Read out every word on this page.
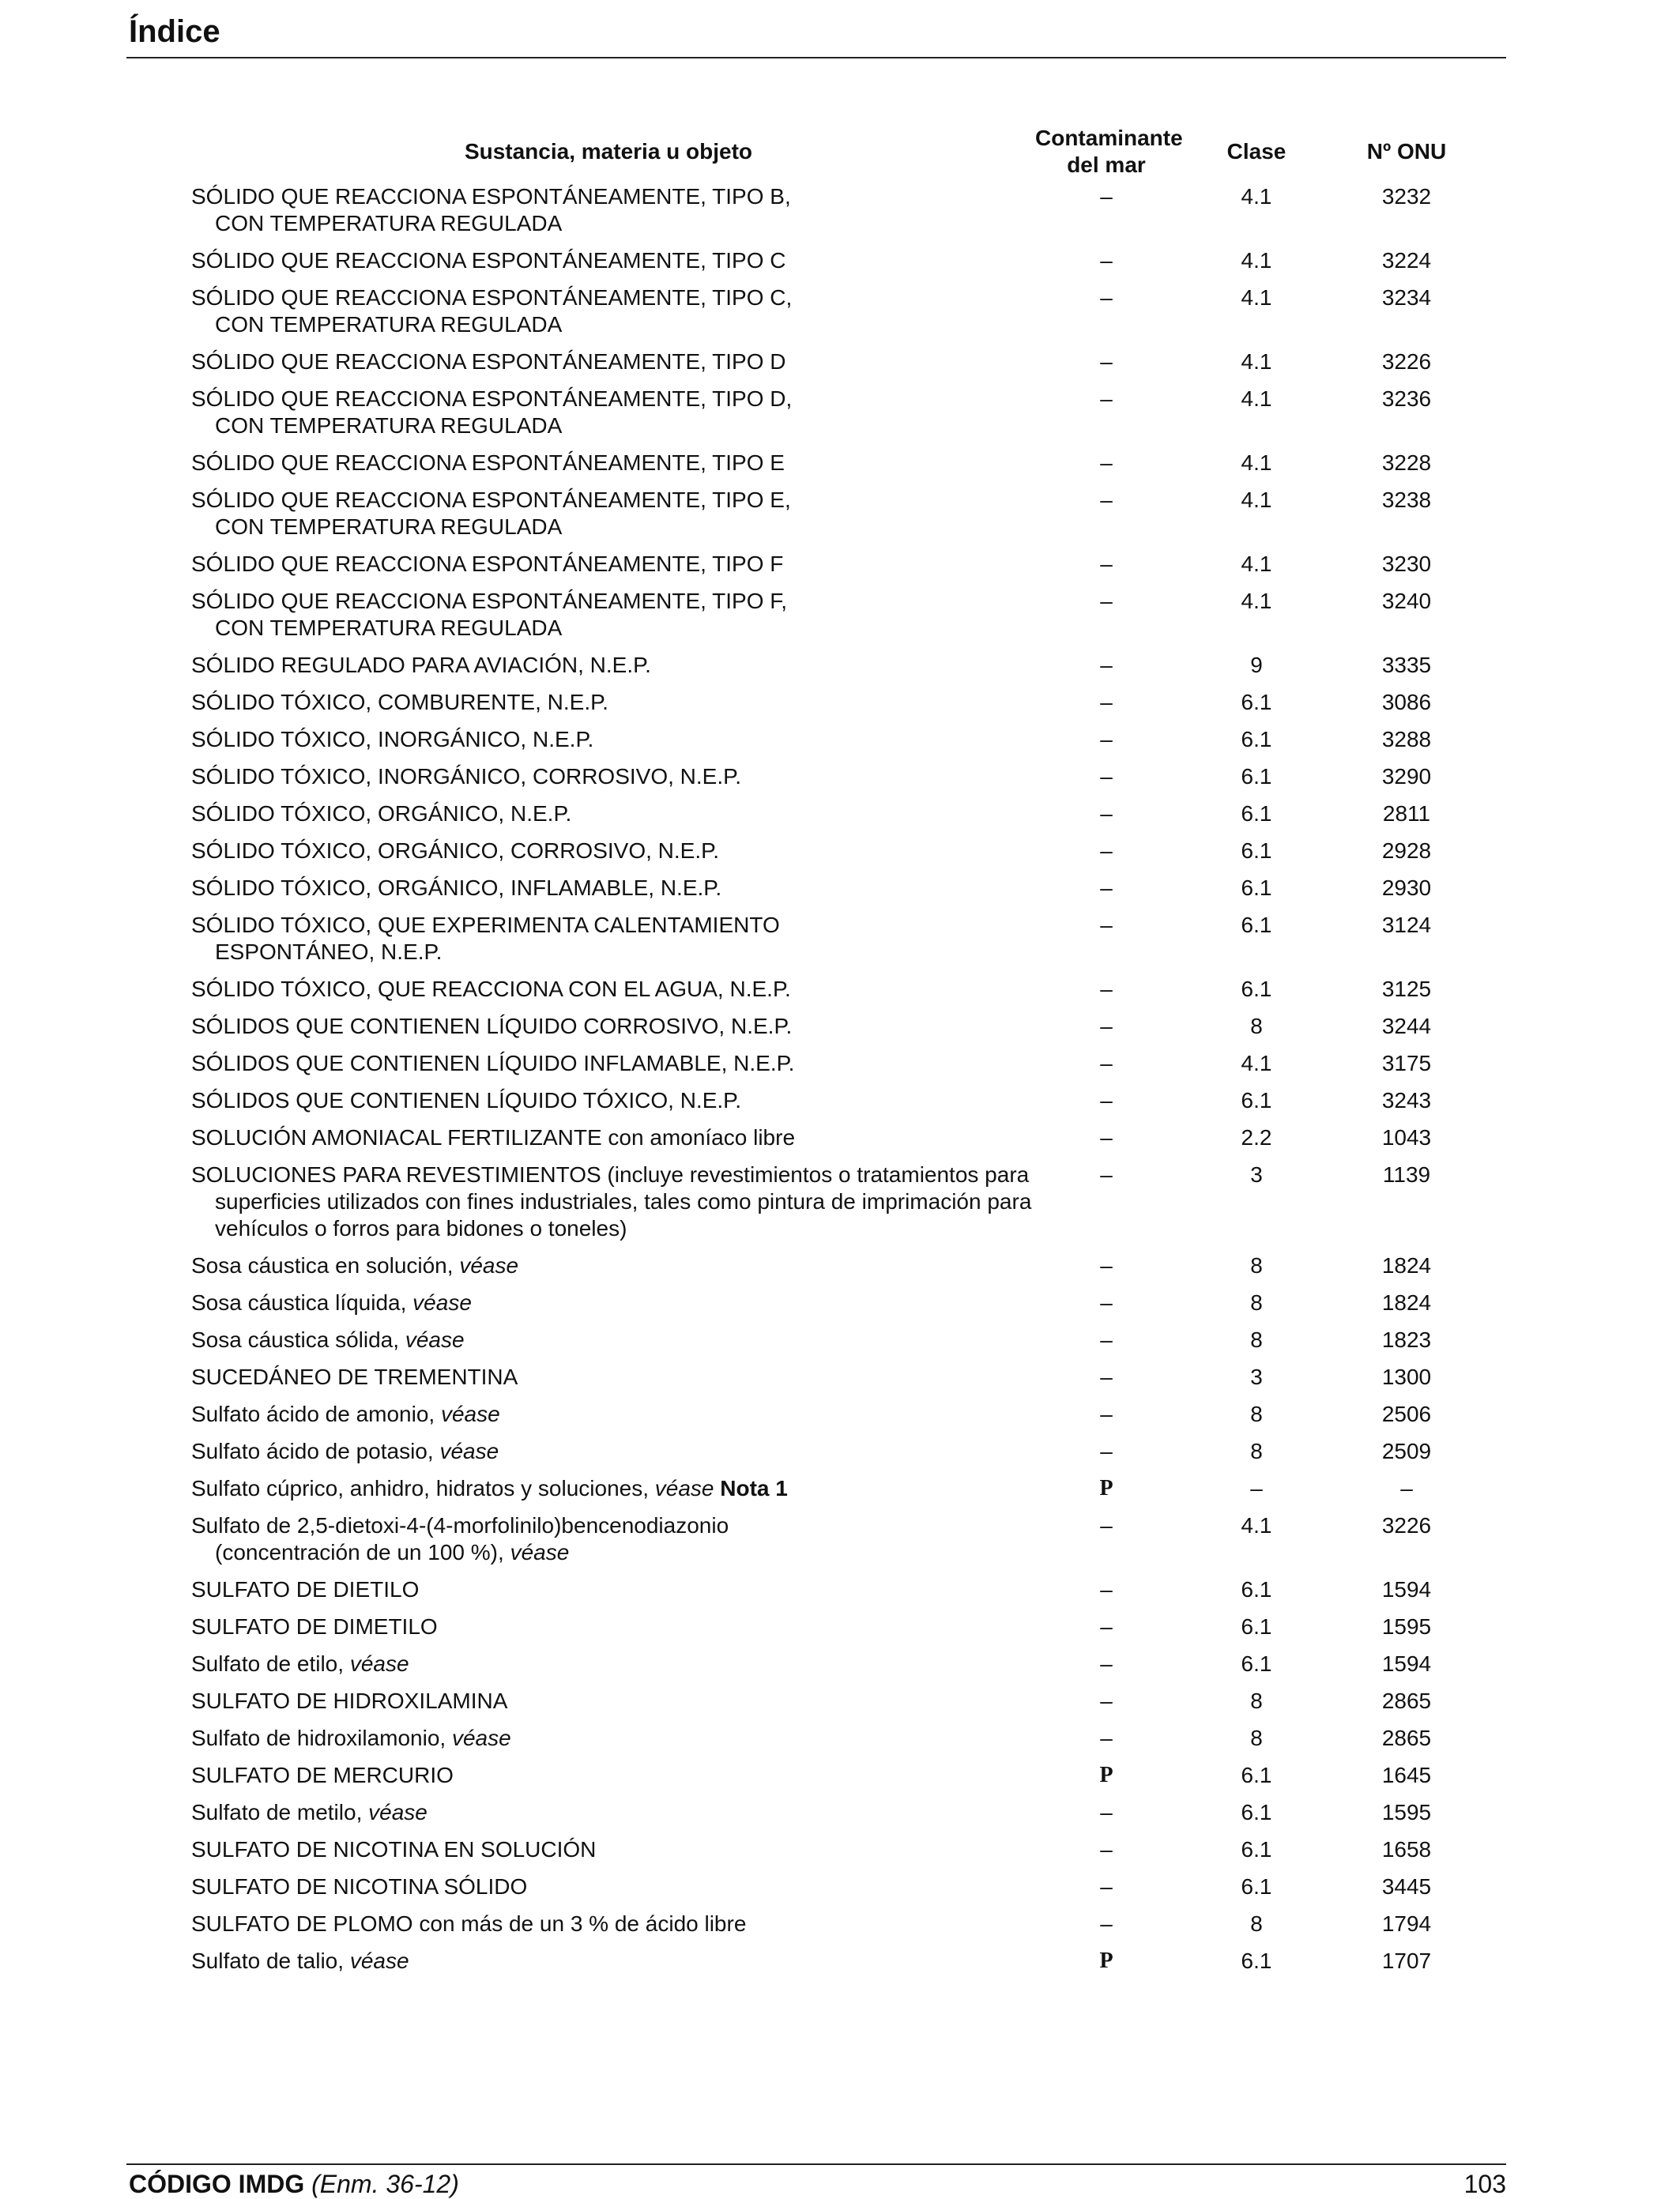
Índice
Sustancia, materia u objeto	Contaminante del mar	Clase	Nº ONU

SÓLIDO QUE REACCIONA ESPONTÁNEAMENTE, TIPO B,
CON TEMPERATURA REGULADA	–	4.1	3232

SÓLIDO QUE REACCIONA ESPONTÁNEAMENTE, TIPO C	–	4.1	3224

SÓLIDO QUE REACCIONA ESPONTÁNEAMENTE, TIPO C,
CON TEMPERATURA REGULADA	–	4.1	3234

SÓLIDO QUE REACCIONA ESPONTÁNEAMENTE, TIPO D	–	4.1	3226

SÓLIDO QUE REACCIONA ESPONTÁNEAMENTE, TIPO D,
CON TEMPERATURA REGULADA	–	4.1	3236

SÓLIDO QUE REACCIONA ESPONTÁNEAMENTE, TIPO E	–	4.1	3228

SÓLIDO QUE REACCIONA ESPONTÁNEAMENTE, TIPO E,
CON TEMPERATURA REGULADA	–	4.1	3238

SÓLIDO QUE REACCIONA ESPONTÁNEAMENTE, TIPO F	–	4.1	3230

SÓLIDO QUE REACCIONA ESPONTÁNEAMENTE, TIPO F,
CON TEMPERATURA REGULADA	–	4.1	3240

SÓLIDO REGULADO PARA AVIACIÓN, N.E.P.	–	9	3335

SÓLIDO TÓXICO, COMBURENTE, N.E.P.	–	6.1	3086

SÓLIDO TÓXICO, INORGÁNICO, N.E.P.	–	6.1	3288

SÓLIDO TÓXICO, INORGÁNICO, CORROSIVO, N.E.P.	–	6.1	3290

SÓLIDO TÓXICO, ORGÁNICO, N.E.P.	–	6.1	2811

SÓLIDO TÓXICO, ORGÁNICO, CORROSIVO, N.E.P.	–	6.1	2928

SÓLIDO TÓXICO, ORGÁNICO, INFLAMABLE, N.E.P.	–	6.1	2930

SÓLIDO TÓXICO, QUE EXPERIMENTA CALENTAMIENTO
ESPONTÁNEO, N.E.P.	–	6.1	3124

SÓLIDO TÓXICO, QUE REACCIONA CON EL AGUA, N.E.P.	–	6.1	3125

SÓLIDOS QUE CONTIENEN LÍQUIDO CORROSIVO, N.E.P.	–	8	3244

SÓLIDOS QUE CONTIENEN LÍQUIDO INFLAMABLE, N.E.P.	–	4.1	3175

SÓLIDOS QUE CONTIENEN LÍQUIDO TÓXICO, N.E.P.	–	6.1	3243

SOLUCIÓN AMONIACAL FERTILIZANTE con amoníaco libre	–	2.2	1043

SOLUCIONES PARA REVESTIMIENTOS (incluye revestimientos o tratamientos para superficies utilizados con fines industriales, tales como pintura de imprimación para vehículos o forros para bidones o toneles)	–	3	1139

Sosa cáustica en solución, véase	–	8	1824

Sosa cáustica líquida, véase	–	8	1824

Sosa cáustica sólida, véase	–	8	1823

SUCEDÁNEO DE TREMENTINA	–	3	1300

Sulfato ácido de amonio, véase	–	8	2506

Sulfato ácido de potasio, véase	–	8	2509

Sulfato cúprico, anhidro, hidratos y soluciones, véase Nota 1	P	–	–

Sulfato de 2,5-dietoxi-4-(4-morfolinilo)bencenodiazonio
(concentración de un 100 %), véase	–	4.1	3226

SULFATO DE DIETILO	–	6.1	1594

SULFATO DE DIMETILO	–	6.1	1595

Sulfato de etilo, véase	–	6.1	1594

SULFATO DE HIDROXILAMINA	–	8	2865

Sulfato de hidroxilamonio, véase	–	8	2865

SULFATO DE MERCURIO	P	6.1	1645

Sulfato de metilo, véase	–	6.1	1595

SULFATO DE NICOTINA EN SOLUCIÓN	–	6.1	1658

SULFATO DE NICOTINA SÓLIDO	–	6.1	3445

SULFATO DE PLOMO con más de un 3 % de ácido libre	–	8	1794

Sulfato de talio, véase	P	6.1	1707
CÓDIGO IMDG (Enm. 36-12)	103
